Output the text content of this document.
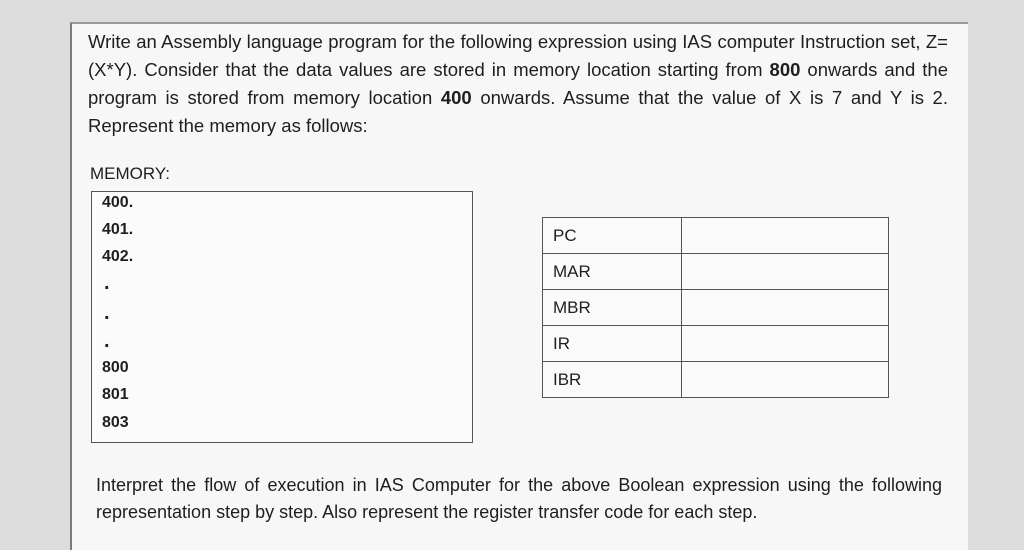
Write an Assembly language program for the following expression using IAS computer Instruction set, Z=(X*Y). Consider that the data values are stored in memory location starting from 800 onwards and the program is stored from memory location 400 onwards. Assume that the value of X is 7 and Y is 2. Represent the memory as follows:

MEMORY:
400.
401.
402.
.
.
.
800
801
803
PC	
MAR	
MBR	
IR	
IBR	

Interpret the flow of execution in IAS Computer for the above Boolean expression using the following representation step by step. Also represent the register transfer code for each step.
